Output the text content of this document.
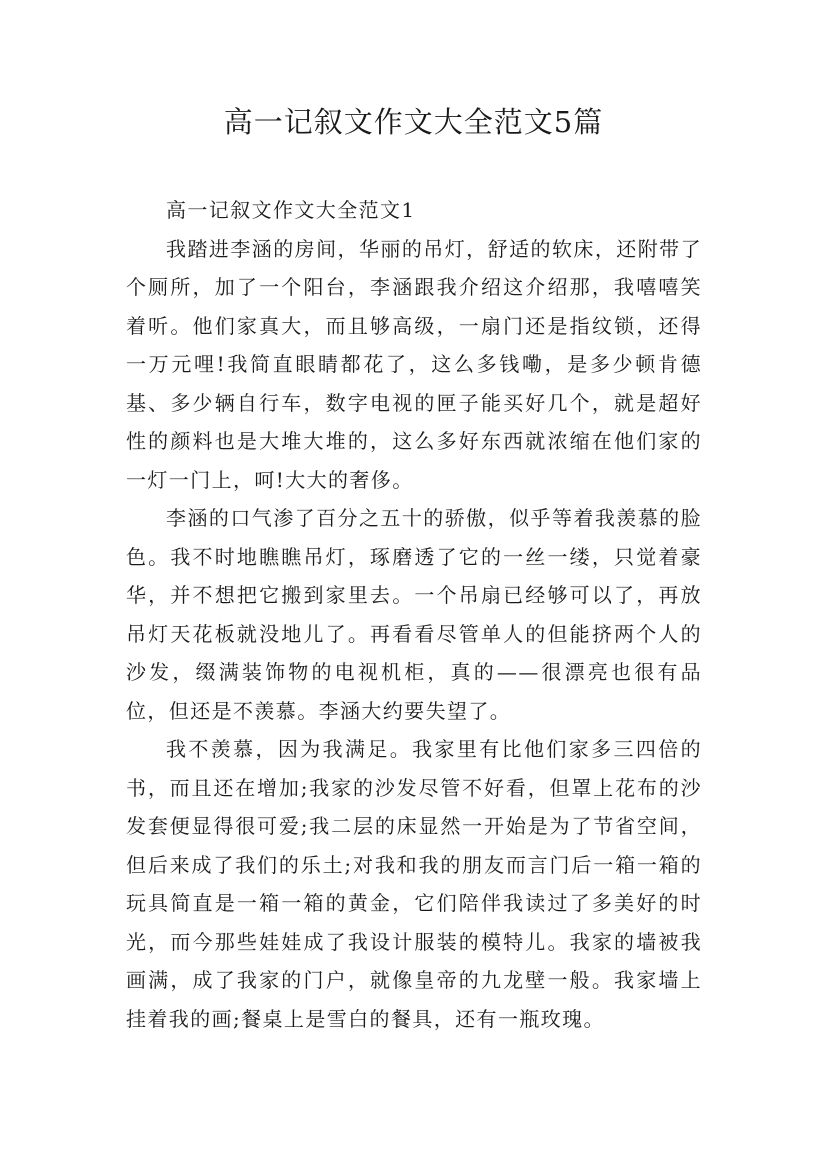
高一记叙文作文大全范文5篇

高一记叙文作文大全范文1

我踏进李涵的房间，华丽的吊灯，舒适的软床，还附带了个厕所，加了一个阳台，李涵跟我介绍这介绍那，我嘻嘻笑着听。他们家真大，而且够高级，一扇门还是指纹锁，还得一万元哩!我简直眼睛都花了，这么多钱嘞，是多少顿肯德基、多少辆自行车，数字电视的匣子能买好几个，就是超好性的颜料也是大堆大堆的，这么多好东西就浓缩在他们家的一灯一门上，呵!大大的奢侈。

李涵的口气渗了百分之五十的骄傲，似乎等着我羡慕的脸色。我不时地瞧瞧吊灯，琢磨透了它的一丝一缕，只觉着豪华，并不想把它搬到家里去。一个吊扇已经够可以了，再放吊灯天花板就没地儿了。再看看尽管单人的但能挤两个人的沙发，缀满装饰物的电视机柜，真的——很漂亮也很有品位，但还是不羡慕。李涵大约要失望了。

我不羡慕，因为我满足。我家里有比他们家多三四倍的书，而且还在增加;我家的沙发尽管不好看，但罩上花布的沙发套便显得很可爱;我二层的床显然一开始是为了节省空间，但后来成了我们的乐土;对我和我的朋友而言门后一箱一箱的玩具简直是一箱一箱的黄金，它们陪伴我读过了多美好的时光，而今那些娃娃成了我设计服装的模特儿。我家的墙被我画满，成了我家的门户，就像皇帝的九龙壁一般。我家墙上挂着我的画;餐桌上是雪白的餐具，还有一瓶玫瑰。
